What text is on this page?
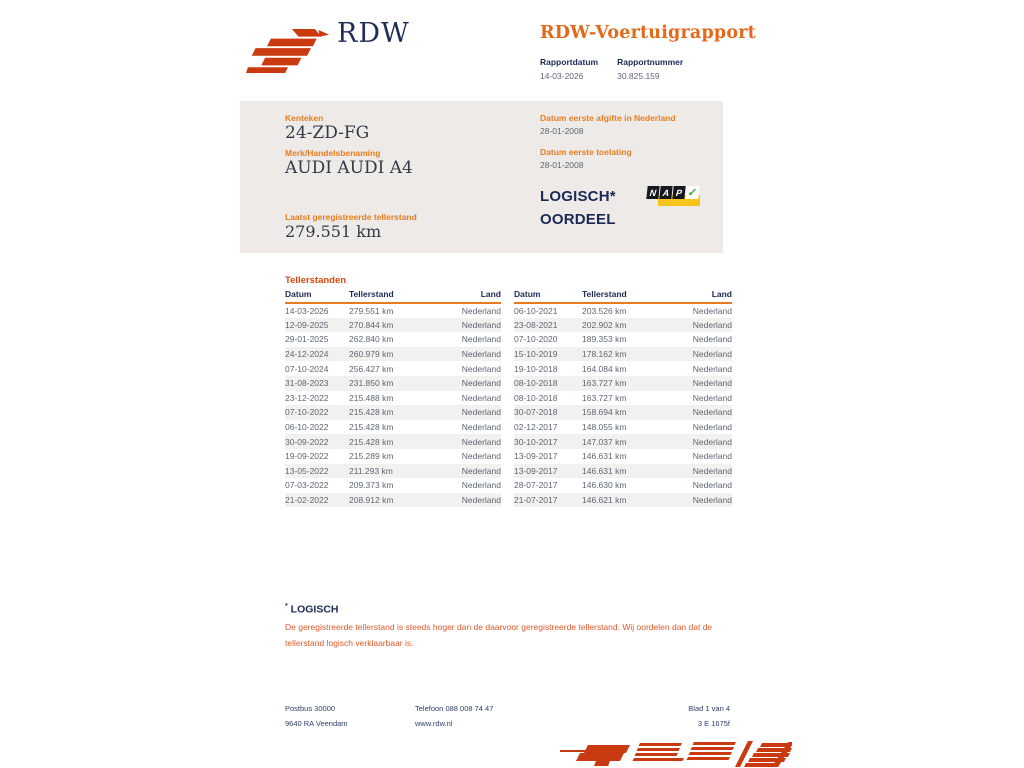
RDW	RDW-Voertuigrapport
Rapportdatum
14-03-2026
Rapportnummer
30.825.159
Kenteken
24-ZD-FG
Merk/Handelsbenaming
AUDI AUDI A4
Laatst geregistreerde tellerstand
279.551 km
Datum eerste afgifte in Nederland
28-01-2008
Datum eerste toelating
28-01-2008
LOGISCH*
OORDEEL
N A P ✓
Tellerstanden
Datum	Tellerstand	Land
14-03-2026	279.551 km	Nederland
12-09-2025	270.844 km	Nederland
29-01-2025	262.840 km	Nederland
24-12-2024	260.979 km	Nederland
07-10-2024	256.427 km	Nederland
31-08-2023	231.850 km	Nederland
23-12-2022	215.488 km	Nederland
07-10-2022	215.428 km	Nederland
06-10-2022	215.428 km	Nederland
30-09-2022	215.428 km	Nederland
19-09-2022	215.289 km	Nederland
13-05-2022	211.293 km	Nederland
07-03-2022	209.373 km	Nederland
21-02-2022	208.912 km	Nederland
Datum	Tellerstand	Land
06-10-2021	203.526 km	Nederland
23-08-2021	202.902 km	Nederland
07-10-2020	189.353 km	Nederland
15-10-2019	178.162 km	Nederland
19-10-2018	164.084 km	Nederland
08-10-2018	163.727 km	Nederland
08-10-2018	163.727 km	Nederland
30-07-2018	158.694 km	Nederland
02-12-2017	148.055 km	Nederland
30-10-2017	147.037 km	Nederland
13-09-2017	146.631 km	Nederland
13-09-2017	146.631 km	Nederland
28-07-2017	146.630 km	Nederland
21-07-2017	146.621 km	Nederland
* LOGISCH
De geregistreerde tellerstand is steeds hoger dan de daarvoor geregistreerde tellerstand. Wij oordelen dan dat de tellerstand logisch verklaarbaar is.
Postbus 30000
9640 RA Veendam
Telefoon 088 008 74 47
www.rdw.nl
Blad 1 van 4
3 E 1675f
